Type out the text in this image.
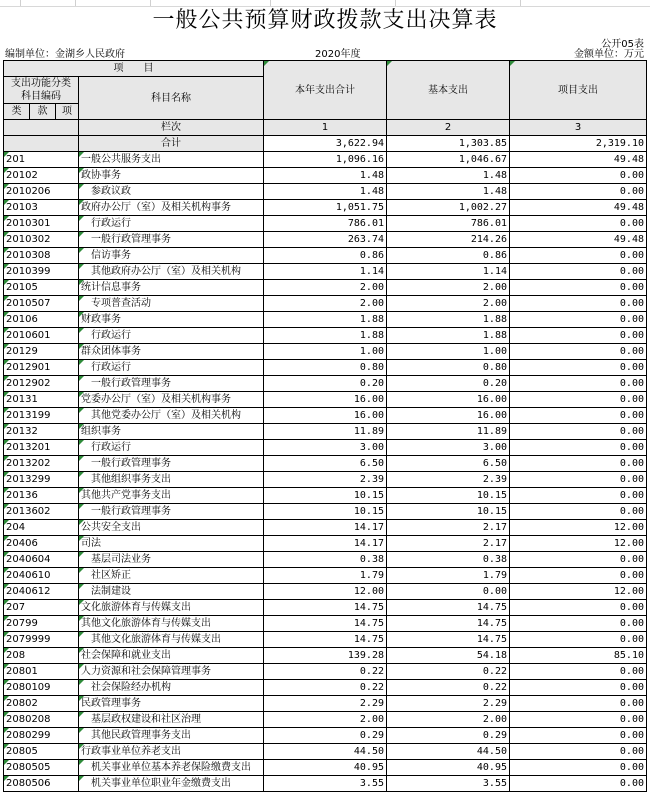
一般公共预算财政拨款支出决算表
公开05表
编制单位：金湖乡人民政府	2020年度	金额单位：万元
项　　目				本年支出合计	基本支出	项目支出
支出功能分类
科目编码			科目名称			

类	款	项				
			栏次	1	2	3
			合计	3,622.94	1,303.85	2,319.10
201			一般公共服务支出	1,096.16	1,046.67	49.48
20102			政协事务	1.48	1.48	0.00
2010206			参政议政	1.48	1.48	0.00
20103			政府办公厅（室）及相关机构事务	1,051.75	1,002.27	49.48
2010301			行政运行	786.01	786.01	0.00
2010302			一般行政管理事务	263.74	214.26	49.48
2010308			信访事务	0.86	0.86	0.00
2010399			其他政府办公厅（室）及相关机构	1.14	1.14	0.00
20105			统计信息事务	2.00	2.00	0.00
2010507			专项普查活动	2.00	2.00	0.00
20106			财政事务	1.88	1.88	0.00
2010601			行政运行	1.88	1.88	0.00
20129			群众团体事务	1.00	1.00	0.00
2012901			行政运行	0.80	0.80	0.00
2012902			一般行政管理事务	0.20	0.20	0.00
20131			党委办公厅（室）及相关机构事务	16.00	16.00	0.00
2013199			其他党委办公厅（室）及相关机构	16.00	16.00	0.00
20132			组织事务	11.89	11.89	0.00
2013201			行政运行	3.00	3.00	0.00
2013202			一般行政管理事务	6.50	6.50	0.00
2013299			其他组织事务支出	2.39	2.39	0.00
20136			其他共产党事务支出	10.15	10.15	0.00
2013602			一般行政管理事务	10.15	10.15	0.00
204			公共安全支出	14.17	2.17	12.00
20406			司法	14.17	2.17	12.00
2040604			基层司法业务	0.38	0.38	0.00
2040610			社区矫正	1.79	1.79	0.00
2040612			法制建设	12.00	0.00	12.00
207			文化旅游体育与传媒支出	14.75	14.75	0.00
20799			其他文化旅游体育与传媒支出	14.75	14.75	0.00
2079999			其他文化旅游体育与传媒支出	14.75	14.75	0.00
208			社会保障和就业支出	139.28	54.18	85.10
20801			人力资源和社会保障管理事务	0.22	0.22	0.00
2080109			社会保险经办机构	0.22	0.22	0.00
20802			民政管理事务	2.29	2.29	0.00
2080208			基层政权建设和社区治理	2.00	2.00	0.00
2080299			其他民政管理事务支出	0.29	0.29	0.00
20805			行政事业单位养老支出	44.50	44.50	0.00
2080505			机关事业单位基本养老保险缴费支出	40.95	40.95	0.00
2080506			机关事业单位职业年金缴费支出	3.55	3.55	0.00
